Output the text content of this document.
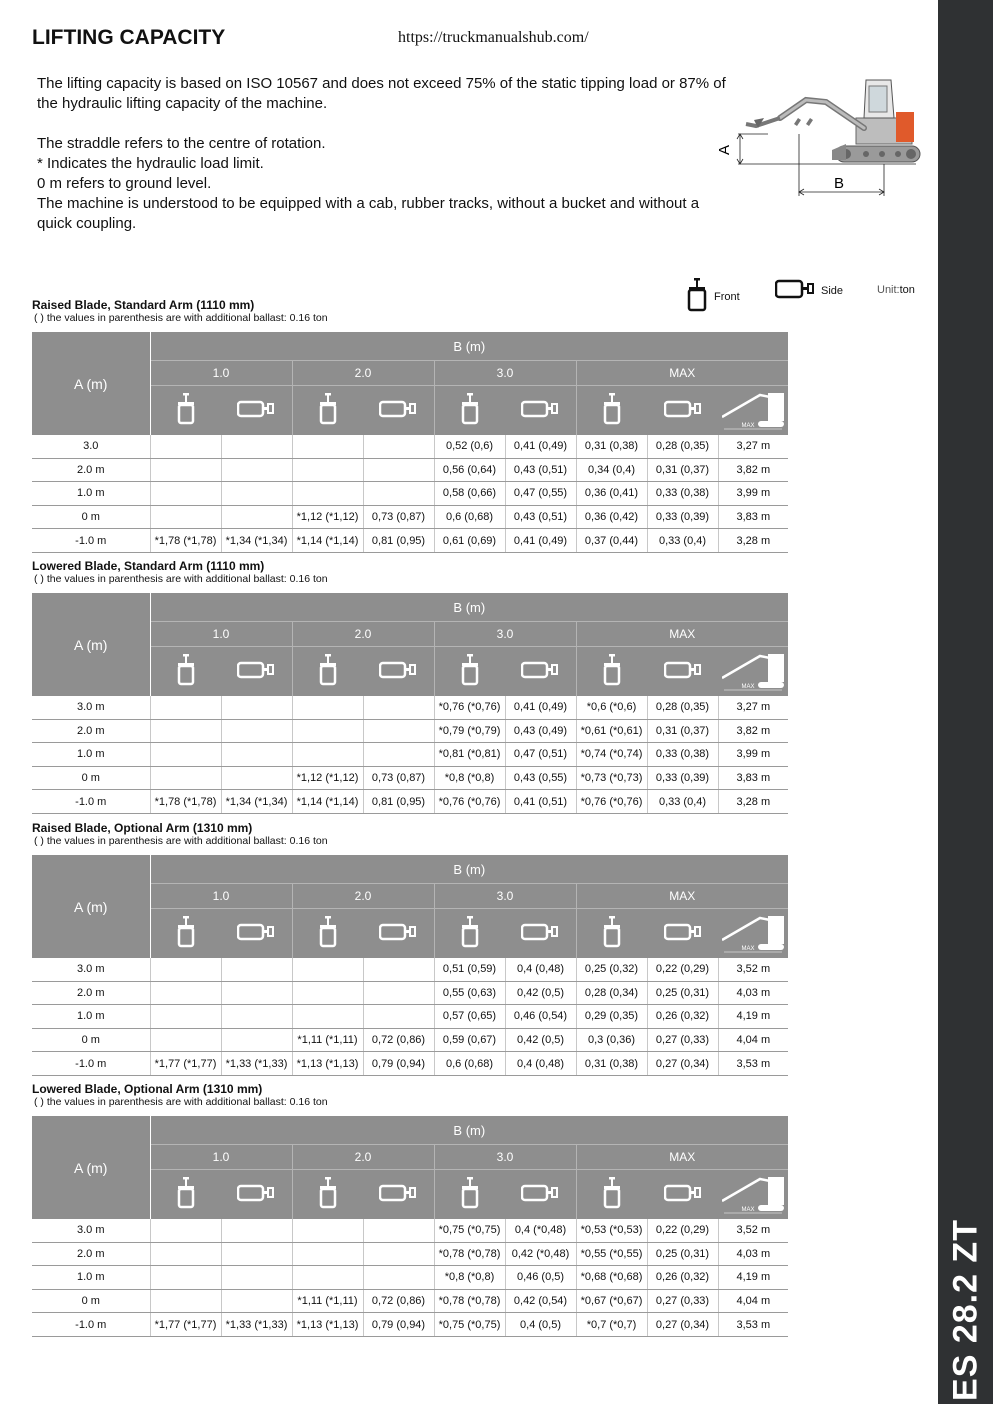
ES 28.2 ZT
LIFTING CAPACITY	https://truckmanualshub.com/

The lifting capacity is based on ISO 10567 and does not exceed 75% of the static tipping load or 87% of the hydraulic lifting capacity of the machine.

The straddle refers to the centre of rotation.

* Indicates the hydraulic load limit.

0 m refers to ground level.

The machine is understood to be equipped with a cab, rubber tracks, without a bucket and without a quick coupling.

A
B
Front	Side	Unit:ton
Raised Blade, Standard Arm (1110 mm)
( ) the values in parenthesis are with additional ballast: 0.16 ton
A (m)	B (m)								
	1.0		2.0		3.0		MAX		

MAX

3.0					0,52 (0,6)	0,41 (0,49)	0,31 (0,38)	0,28 (0,35)	3,27 m
2.0 m					0,56 (0,64)	0,43 (0,51)	0,34 (0,4)	0,31 (0,37)	3,82 m
1.0 m					0,58 (0,66)	0,47 (0,55)	0,36 (0,41)	0,33 (0,38)	3,99 m
0 m			*1,12 (*1,12)	0,73 (0,87)	0,6 (0,68)	0,43 (0,51)	0,36 (0,42)	0,33 (0,39)	3,83 m
-1.0 m	*1,78 (*1,78)	*1,34 (*1,34)	*1,14 (*1,14)	0,81 (0,95)	0,61 (0,69)	0,41 (0,49)	0,37 (0,44)	0,33 (0,4)	3,28 m
Lowered Blade, Standard Arm (1110 mm)
( ) the values in parenthesis are with additional ballast: 0.16 ton
A (m)	B (m)								
	1.0		2.0		3.0		MAX		

MAX

3.0 m					*0,76 (*0,76)	0,41 (0,49)	*0,6 (*0,6)	0,28 (0,35)	3,27 m
2.0 m					*0,79 (*0,79)	0,43 (0,49)	*0,61 (*0,61)	0,31 (0,37)	3,82 m
1.0 m					*0,81 (*0,81)	0,47 (0,51)	*0,74 (*0,74)	0,33 (0,38)	3,99 m
0 m			*1,12 (*1,12)	0,73 (0,87)	*0,8 (*0,8)	0,43 (0,55)	*0,73 (*0,73)	0,33 (0,39)	3,83 m
-1.0 m	*1,78 (*1,78)	*1,34 (*1,34)	*1,14 (*1,14)	0,81 (0,95)	*0,76 (*0,76)	0,41 (0,51)	*0,76 (*0,76)	0,33 (0,4)	3,28 m
Raised Blade, Optional Arm (1310 mm)
( ) the values in parenthesis are with additional ballast: 0.16 ton
A (m)	B (m)								
	1.0		2.0		3.0		MAX		

MAX

3.0 m					0,51 (0,59)	0,4 (0,48)	0,25 (0,32)	0,22 (0,29)	3,52 m
2.0 m					0,55 (0,63)	0,42 (0,5)	0,28 (0,34)	0,25 (0,31)	4,03 m
1.0 m					0,57 (0,65)	0,46 (0,54)	0,29 (0,35)	0,26 (0,32)	4,19 m
0 m			*1,11 (*1,11)	0,72 (0,86)	0,59 (0,67)	0,42 (0,5)	0,3 (0,36)	0,27 (0,33)	4,04 m
-1.0 m	*1,77 (*1,77)	*1,33 (*1,33)	*1,13 (*1,13)	0,79 (0,94)	0,6 (0,68)	0,4 (0,48)	0,31 (0,38)	0,27 (0,34)	3,53 m
Lowered Blade, Optional Arm (1310 mm)
( ) the values in parenthesis are with additional ballast: 0.16 ton
A (m)	B (m)								
	1.0		2.0		3.0		MAX		

MAX

3.0 m					*0,75 (*0,75)	0,4 (*0,48)	*0,53 (*0,53)	0,22 (0,29)	3,52 m
2.0 m					*0,78 (*0,78)	0,42 (*0,48)	*0,55 (*0,55)	0,25 (0,31)	4,03 m
1.0 m					*0,8 (*0,8)	0,46 (0,5)	*0,68 (*0,68)	0,26 (0,32)	4,19 m
0 m			*1,11 (*1,11)	0,72 (0,86)	*0,78 (*0,78)	0,42 (0,54)	*0,67 (*0,67)	0,27 (0,33)	4,04 m
-1.0 m	*1,77 (*1,77)	*1,33 (*1,33)	*1,13 (*1,13)	0,79 (0,94)	*0,75 (*0,75)	0,4 (0,5)	*0,7 (*0,7)	0,27 (0,34)	3,53 m
